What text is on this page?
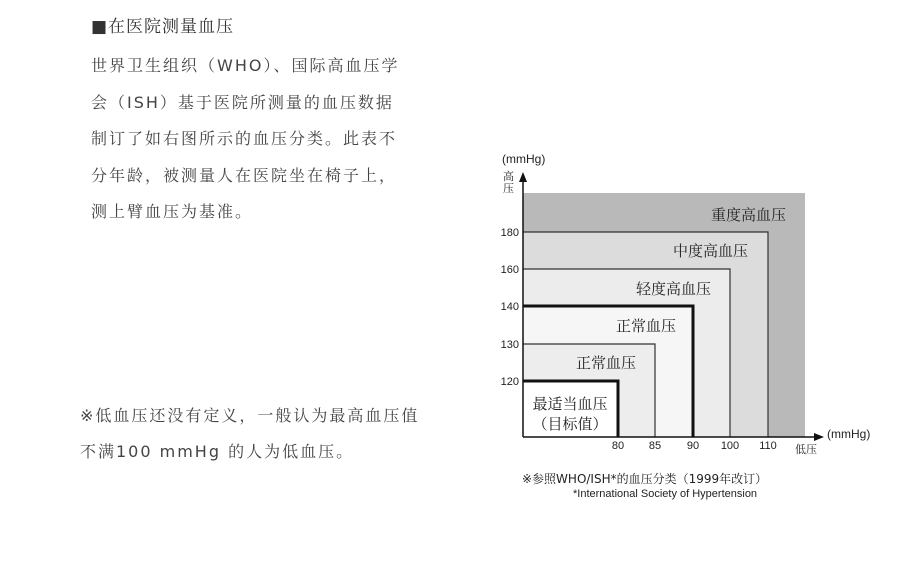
■在医院测量血压
世界卫生组织（WHO）、国际高血压学
会（ISH）基于医院所测量的血压数据
制订了如右图所示的血压分类。此表不
分年龄，被测量人在医院坐在椅子上，
测上臂血压为基准。
※低血压还没有定义，一般认为最高血压值
不满100 mmHg 的人为低血压。
重度高血压
中度高血压
轻度高血压
正常血压
正常血压
最适当血压
（目标值）
120
130
140
160
180
80 85 90 100 110
(mmHg)
高
压
(mmHg)
低压
※参照WHO/ISH*的血压分类（1999年改订）
*International Society of Hypertension
